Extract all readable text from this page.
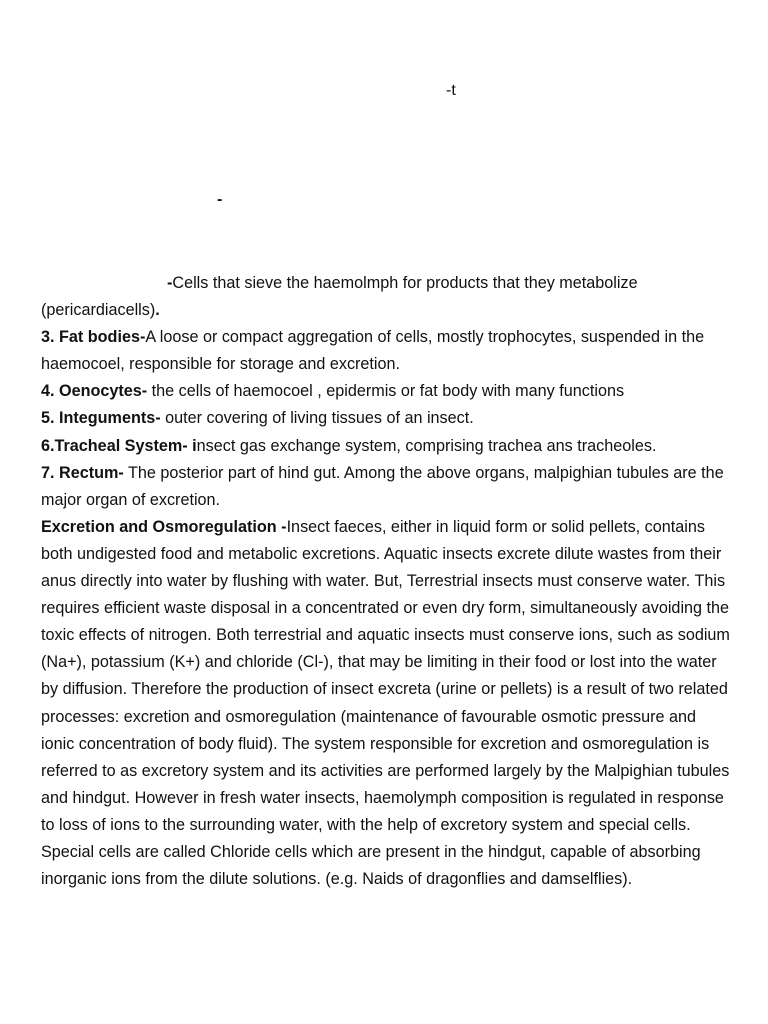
-t
-

-Cells that sieve the haemolmph for products that they metabolize (pericardiacells).

3. Fat bodies-A loose or compact aggregation of cells, mostly trophocytes, suspended in the haemocoel, responsible for storage and excretion.

4. Oenocytes- the cells of haemocoel , epidermis or fat body with many functions

5. Integuments- outer covering of living tissues of an insect.

6.Tracheal System- insect gas exchange system, comprising trachea ans tracheoles.

7. Rectum- The posterior part of hind gut. Among the above organs, malpighian tubules are the major organ of excretion.

Excretion and Osmoregulation -Insect faeces, either in liquid form or solid pellets, contains both undigested food and metabolic excretions. Aquatic insects excrete dilute wastes from their anus directly into water by flushing with water. But, Terrestrial insects must conserve water. This requires efficient waste disposal in a concentrated or even dry form, simultaneously avoiding the toxic effects of nitrogen. Both terrestrial and aquatic insects must conserve ions, such as sodium (Na+), potassium (K+) and chloride (Cl-), that may be limiting in their food or lost into the water by diffusion. Therefore the production of insect excreta (urine or pellets) is a result of two related processes: excretion and osmoregulation (maintenance of favourable osmotic pressure and ionic concentration of body fluid). The system responsible for excretion and osmoregulation is referred to as excretory system and its activities are performed largely by the Malpighian tubules and hindgut. However in fresh water insects, haemolymph composition is regulated in response to loss of ions to the surrounding water, with the help of excretory system and special cells. Special cells are called Chloride cells which are present in the hindgut, capable of absorbing inorganic ions from the dilute solutions. (e.g. Naids of dragonflies and damselflies).
